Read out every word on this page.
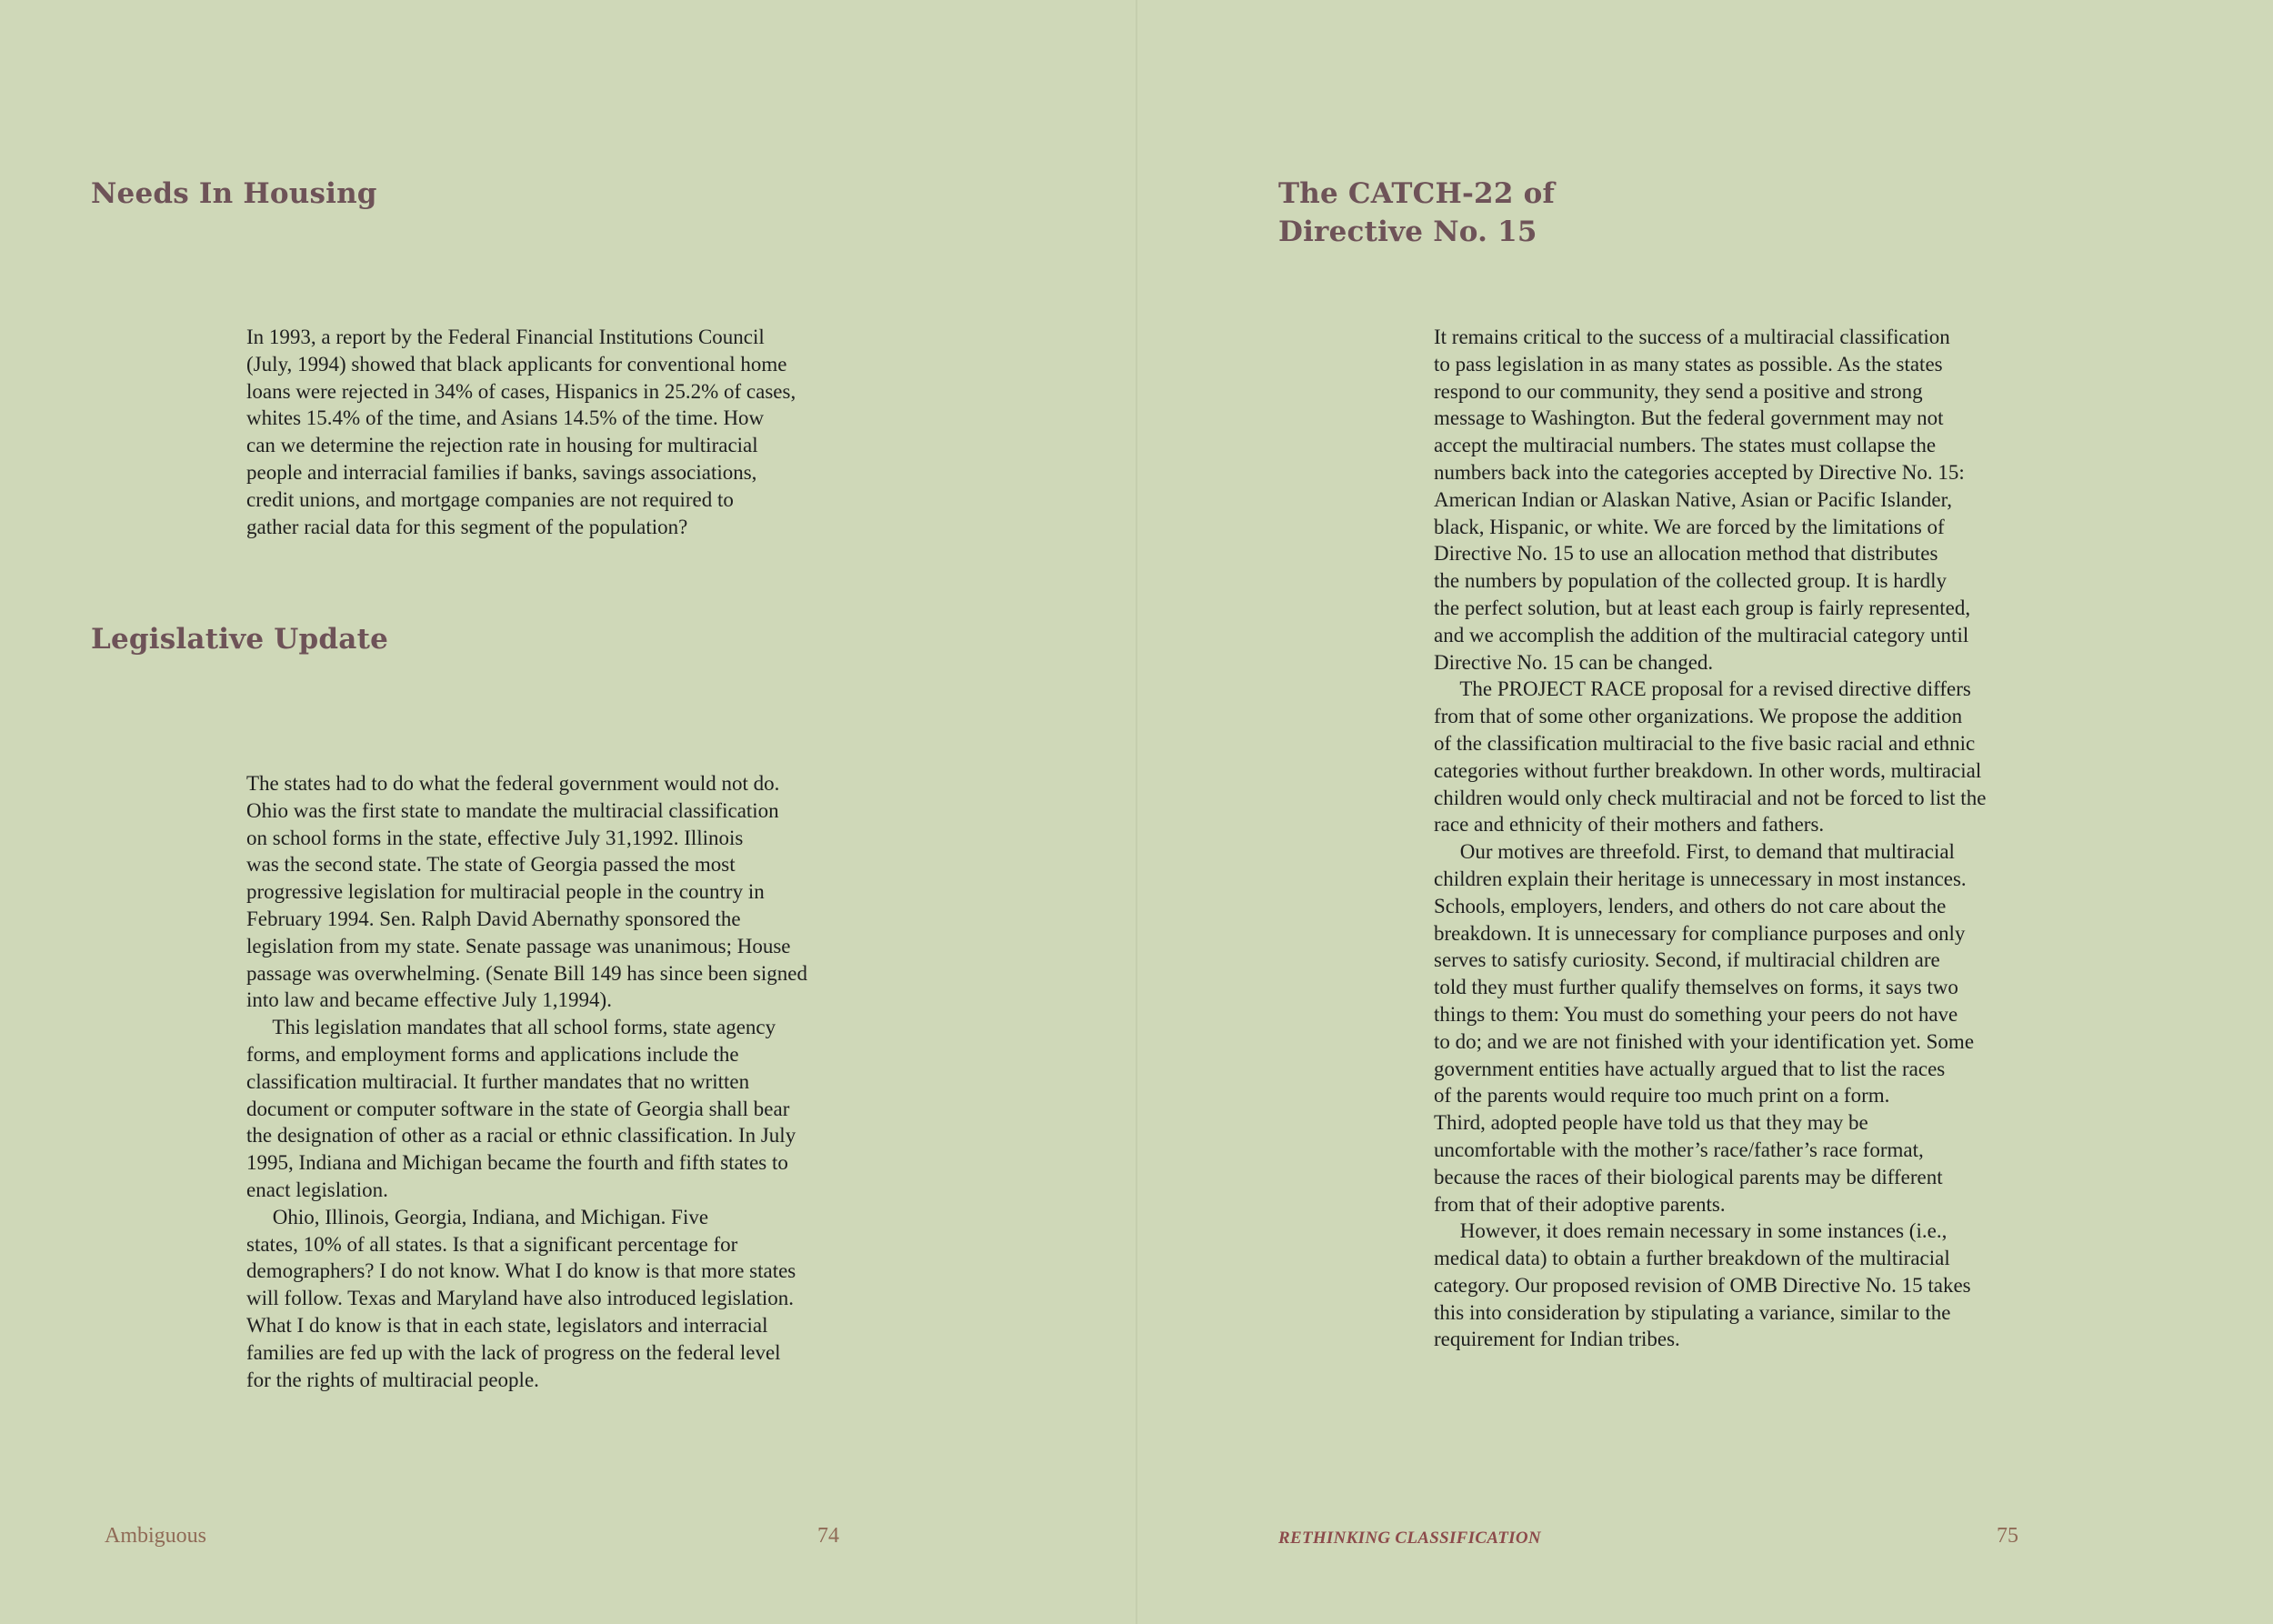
Needs In Housing

In 1993, a report by the Federal Financial Institutions Council

(July, 1994) showed that black applicants for conventional home

loans were rejected in 34% of cases, Hispanics in 25.2% of cases,

whites 15.4% of the time, and Asians 14.5% of the time. How

can we determine the rejection rate in housing for multiracial

people and interracial families if banks, savings associations,

credit unions, and mortgage companies are not required to

gather racial data for this segment of the population?

Legislative Update

The states had to do what the federal government would not do.

Ohio was the first state to mandate the multiracial classification

on school forms in the state, effective July 31,1992. Illinois

was the second state. The state of Georgia passed the most

progressive legislation for multiracial people in the country in

February 1994. Sen. Ralph David Abernathy sponsored the

legislation from my state. Senate passage was unanimous; House

passage was overwhelming. (Senate Bill 149 has since been signed

into law and became effective July 1,1994).

This legislation mandates that all school forms, state agency

forms, and employment forms and applications include the

classification multiracial. It further mandates that no written

document or computer software in the state of Georgia shall bear

the designation of other as a racial or ethnic classification. In July

1995, Indiana and Michigan became the fourth and fifth states to

enact legislation.

Ohio, Illinois, Georgia, Indiana, and Michigan. Five

states, 10% of all states. Is that a significant percentage for

demographers? I do not know. What I do know is that more states

will follow. Texas and Maryland have also introduced legislation.

What I do know is that in each state, legislators and interracial

families are fed up with the lack of progress on the federal level

for the rights of multiracial people.

Ambiguous	74
The CATCH-22 of
Directive No. 15

It remains critical to the success of a multiracial classification

to pass legislation in as many states as possible. As the states

respond to our community, they send a positive and strong

message to Washington. But the federal government may not

accept the multiracial numbers. The states must collapse the

numbers back into the categories accepted by Directive No. 15:

American Indian or Alaskan Native, Asian or Pacific Islander,

black, Hispanic, or white. We are forced by the limitations of

Directive No. 15 to use an allocation method that distributes

the numbers by population of the collected group. It is hardly

the perfect solution, but at least each group is fairly represented,

and we accomplish the addition of the multiracial category until

Directive No. 15 can be changed.

The PROJECT RACE proposal for a revised directive differs

from that of some other organizations. We propose the addition

of the classification multiracial to the five basic racial and ethnic

categories without further breakdown. In other words, multiracial

children would only check multiracial and not be forced to list the

race and ethnicity of their mothers and fathers.

Our motives are threefold. First, to demand that multiracial

children explain their heritage is unnecessary in most instances.

Schools, employers, lenders, and others do not care about the

breakdown. It is unnecessary for compliance purposes and only

serves to satisfy curiosity. Second, if multiracial children are

told they must further qualify themselves on forms, it says two

things to them: You must do something your peers do not have

to do; and we are not finished with your identification yet. Some

government entities have actually argued that to list the races

of the parents would require too much print on a form.

Third, adopted people have told us that they may be

uncomfortable with the mother’s race/father’s race format,

because the races of their biological parents may be different

from that of their adoptive parents.

However, it does remain necessary in some instances (i.e.,

medical data) to obtain a further breakdown of the multiracial

category. Our proposed revision of OMB Directive No. 15 takes

this into consideration by stipulating a variance, similar to the

requirement for Indian tribes.

RETHINKING CLASSIFICATION	75
